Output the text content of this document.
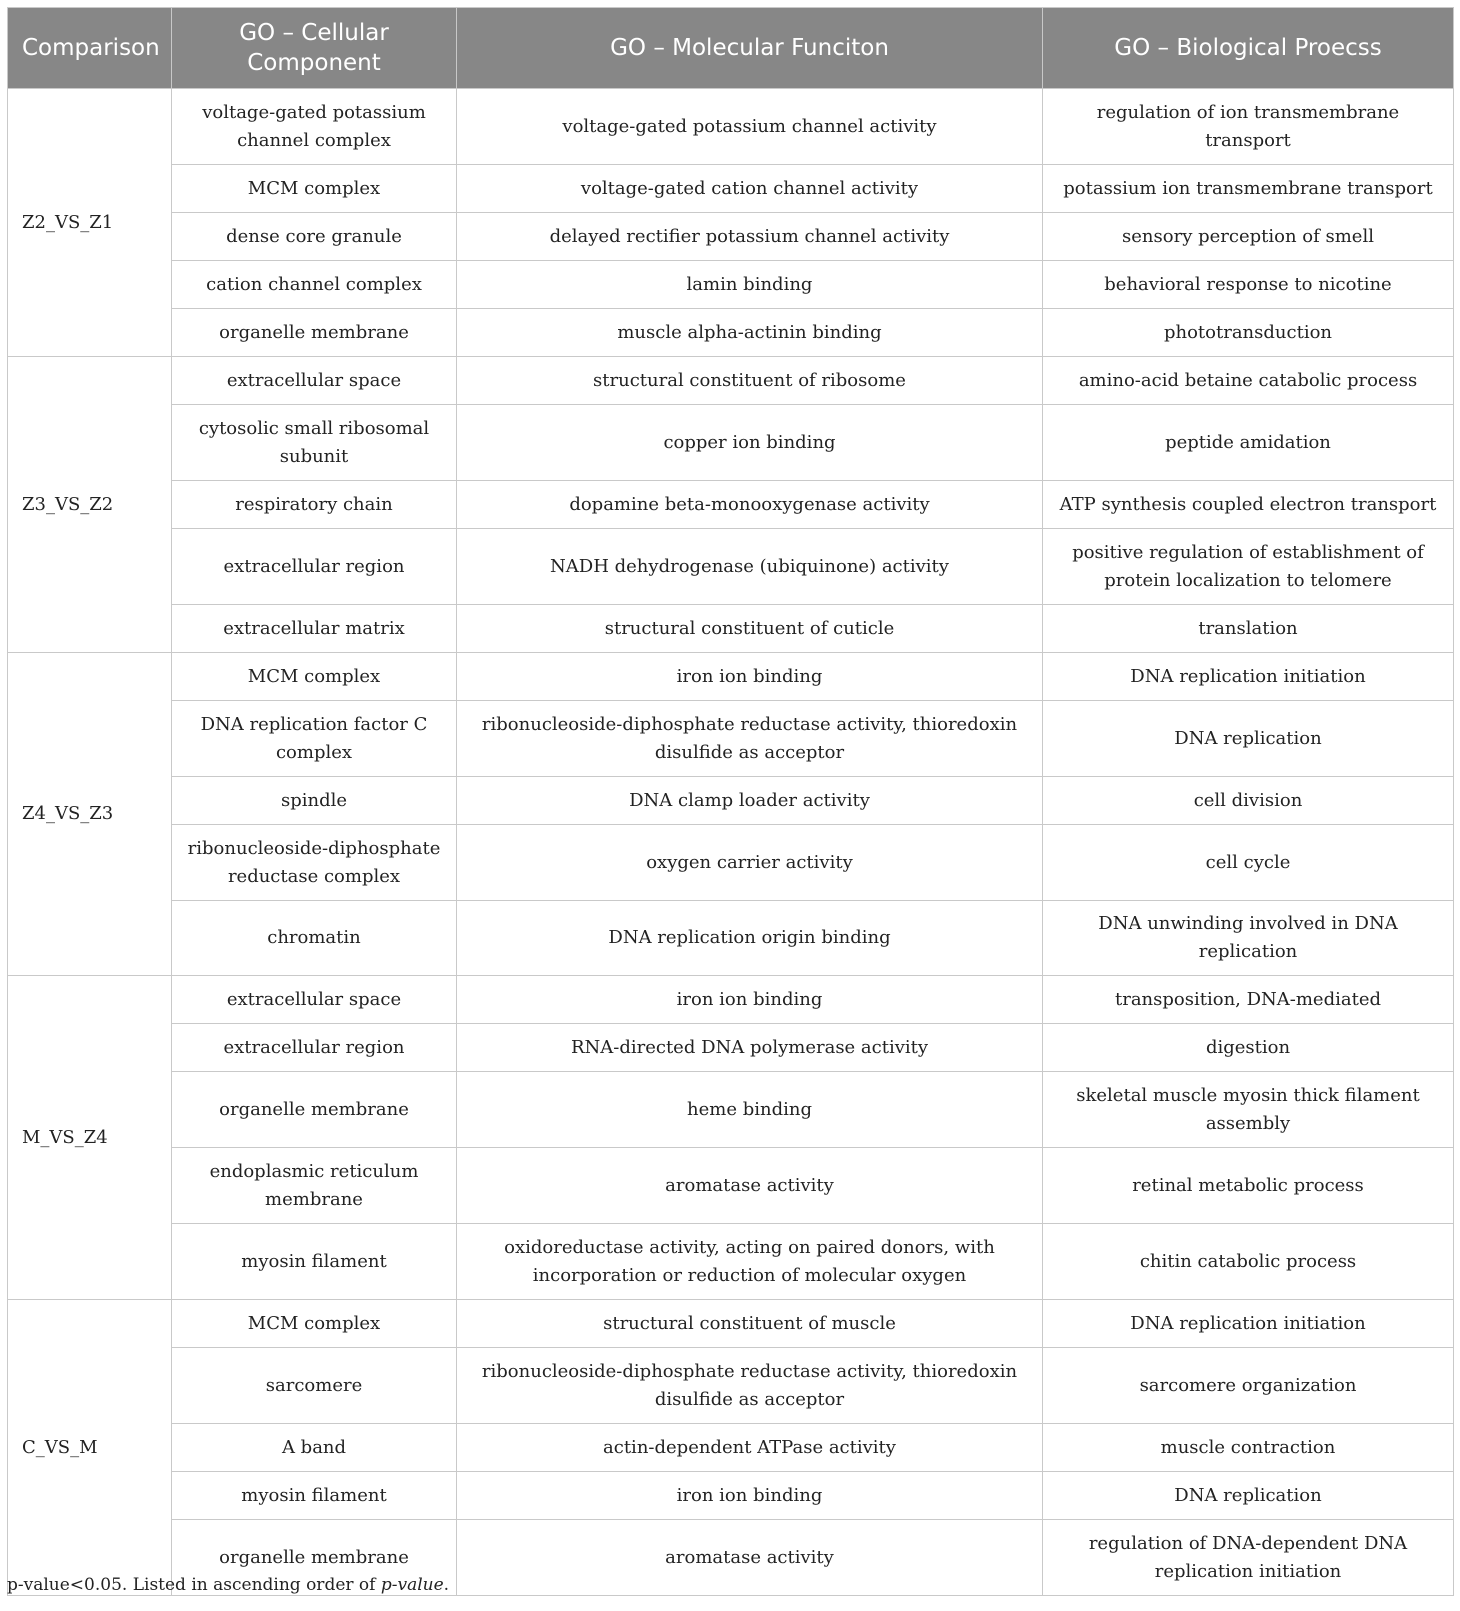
Comparison	GO – Cellular Component	GO – Molecular Funciton	GO – Biological Proecss
Z2_VS_Z1	voltage-gated potassium channel complex	voltage-gated potassium channel activity	regulation of ion transmembrane transport
	MCM complex	voltage-gated cation channel activity	potassium ion transmembrane transport
	dense core granule	delayed rectifier potassium channel activity	sensory perception of smell
	cation channel complex	lamin binding	behavioral response to nicotine
	organelle membrane	muscle alpha-actinin binding	phototransduction
Z3_VS_Z2	extracellular space	structural constituent of ribosome	amino-acid betaine catabolic process
	cytosolic small ribosomal subunit	copper ion binding	peptide amidation
	respiratory chain	dopamine beta-monooxygenase activity	ATP synthesis coupled electron transport
	extracellular region	NADH dehydrogenase (ubiquinone) activity	positive regulation of establishment of protein localization to telomere
	extracellular matrix	structural constituent of cuticle	translation
Z4_VS_Z3	MCM complex	iron ion binding	DNA replication initiation
	DNA replication factor C complex	ribonucleoside-diphosphate reductase activity, thioredoxin disulfide as acceptor	DNA replication
	spindle	DNA clamp loader activity	cell division
	ribonucleoside-diphosphate reductase complex	oxygen carrier activity	cell cycle
	chromatin	DNA replication origin binding	DNA unwinding involved in DNA replication
M_VS_Z4	extracellular space	iron ion binding	transposition, DNA-mediated
	extracellular region	RNA-directed DNA polymerase activity	digestion
	organelle membrane	heme binding	skeletal muscle myosin thick filament assembly
	endoplasmic reticulum membrane	aromatase activity	retinal metabolic process
	myosin filament	oxidoreductase activity, acting on paired donors, with incorporation or reduction of molecular oxygen	chitin catabolic process
C_VS_M	MCM complex	structural constituent of muscle	DNA replication initiation
	sarcomere	ribonucleoside-diphosphate reductase activity, thioredoxin disulfide as acceptor	sarcomere organization
	A band	actin-dependent ATPase activity	muscle contraction
	myosin filament	iron ion binding	DNA replication
	organelle membrane	aromatase activity	regulation of DNA-dependent DNA replication initiation
p-value<0.05. Listed in ascending order of p-value.
